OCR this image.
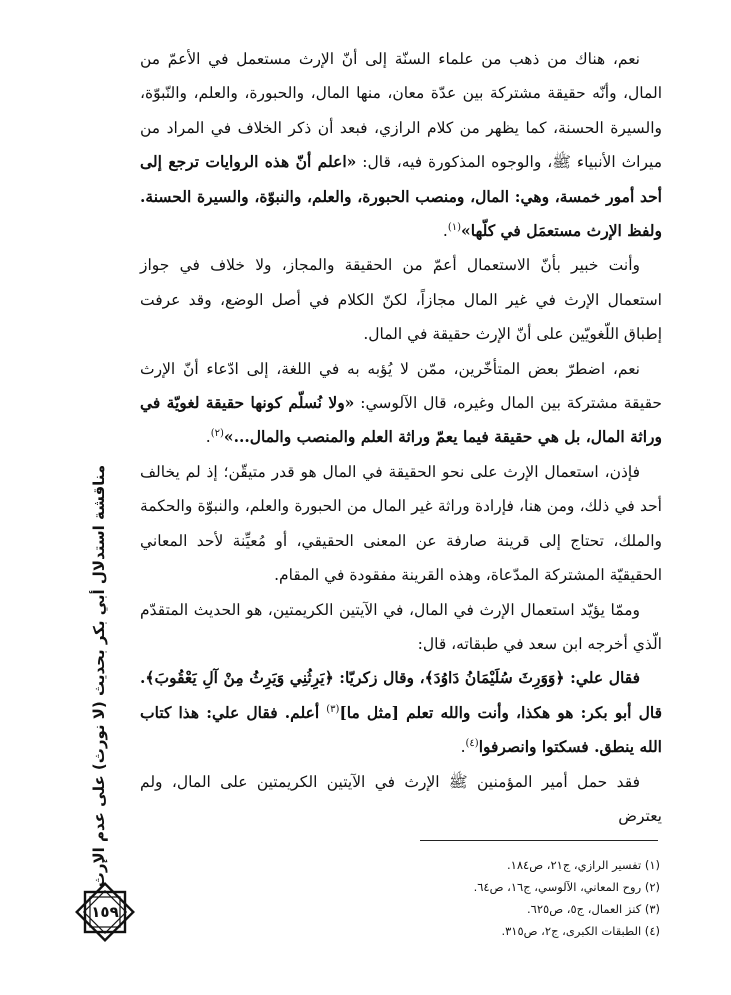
نعم، هناك من ذهب من علماء السنّة إلى أنّ الإرث مستعمل في الأعمّ من المال، وأنّه حقيقة مشتركة بين عدّة معان، منها المال، والحبورة، والعلم، والنّبوّة، والسيرة الحسنة، كما يظهر من كلام الرازي، فبعد أن ذكر الخلاف في المراد من ميراث الأنبياء ﷺ، والوجوه المذكورة فيه، قال: «اعلم أنّ هذه الروايات ترجع إلى أحد أمور خمسة، وهي: المال، ومنصب الحبورة، والعلم، والنبوّة، والسيرة الحسنة. ولفظ الإرث مستعمَل في كلّها»$^{(١)}$.

وأنت خبير بأنّ الاستعمال أعمّ من الحقيقة والمجاز، ولا خلاف في جواز استعمال الإرث في غير المال مجازاً، لكنّ الكلام في أصل الوضع، وقد عرفت إطباق اللّغويّين على أنّ الإرث حقيقة في المال.

نعم، اضطرّ بعض المتأخّرين، ممّن لا يُؤبه به في اللغة، إلى ادّعاء أنّ الإرث حقيقة مشتركة بين المال وغيره، قال الآلوسي: «ولا نُسلّم كونها حقيقة لغويّة في وراثة المال، بل هي حقيقة فيما يعمّ وراثة العلم والمنصب والمال...»$^{(٢)}$.

فإذن، استعمال الإرث على نحو الحقيقة في المال هو قدر متيقّن؛ إذ لم يخالف أحد في ذلك، ومن هنا، فإرادة وراثة غير المال من الحبورة والعلم، والنبوّة والحكمة والملك، تحتاج إلى قرينة صارفة عن المعنى الحقيقي، أو مُعيِّنة لأحد المعاني الحقيقيّة المشتركة المدّعاة، وهذه القرينة مفقودة في المقام.

وممّا يؤيّد استعمال الإرث في المال، في الآيتين الكريمتين، هو الحديث المتقدّم الّذي أخرجه ابن سعد في طبقاته، قال:

فقال علي: ﴿وَوَرِثَ سُلَيْمَانُ دَاوُدَ﴾، وقال زكريّا: ﴿يَرِثُنِي وَيَرِثُ مِنْ آلِ يَعْقُوبَ﴾. قال أبو بكر: هو هكذا، وأنت والله تعلم [مثل ما]$^{(٣)}$ أعلم. فقال علي: هذا كتاب الله ينطق. فسكتوا وانصرفوا$^{(٤)}$.

فقد حمل أمير المؤمنين ﷺ الإرث في الآيتين الكريمتين على المال، ولم يعترض

مناقشة استدلال أبي بكر بحديث (لا نورث) على عدم الإرث	(١) تفسير الرازي، ج٢١، ص١٨٤.

(٢) روح المعاني، الآلوسي، ج١٦، ص٦٤.

(٣) كنز العمال، ج٥، ص٦٢٥.

(٤) الطبقات الكبرى، ج٢، ص٣١٥.

١٥٩
